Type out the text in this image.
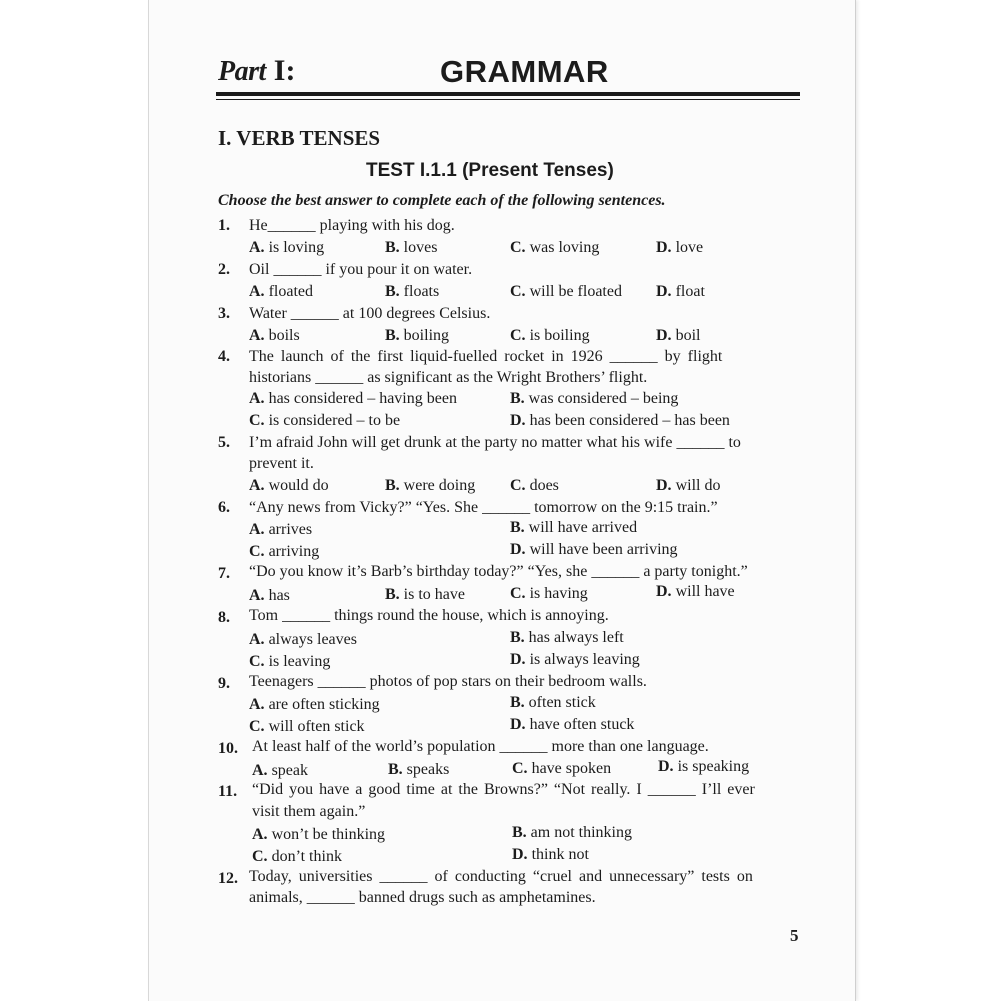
Part I:	GRAMMAR
I. VERB TENSES
TEST I.1.1 (Present Tenses)
Choose the best answer to complete each of the following sentences.
1. He______ playing with his dog.
A. is loving	B. loves	C. was loving	D. love
2. Oil ______ if you pour it on water.
A. floated	B. floats	C. will be floated D. float
3. Water ______ at 100 degrees Celsius.
A. boils	B. boiling	C. is boiling	D. boil
4. The launch of the first liquid-fuelled rocket in 1926 ______ by flight
historians ______ as significant as the Wright Brothers’ flight.
A. has considered – having been	B. was considered – being
C. is considered – to be	D. has been considered – has been
5. I’m afraid John will get drunk at the party no matter what his wife ______ to
prevent it.
A. would do	B. were doing C. does	D. will do
6. “Any news from Vicky?” “Yes. She ______ tomorrow on the 9:15 train.”
A. arrives	B. will have arrived
C. arriving	D. will have been arriving
7. “Do you know it’s Barb’s birthday today?” “Yes, she ______ a party tonight.”
A. has	B. is to have	C. is having	D. will have
8. Tom ______ things round the house, which is annoying.
A. always leaves	B. has always left
C. is leaving	D. is always leaving
9. Teenagers ______ photos of pop stars on their bedroom walls.
A. are often sticking	B. often stick
C. will often stick	D. have often stuck
10. At least half of the world’s population ______ more than one language.
A. speak	B. speaks	C. have spoken	D. is speaking
11. “Did you have a good time at the Browns?” “Not really. I ______ I’ll ever
visit them again.”
A. won’t be thinking	B. am not thinking
C. don’t think	D. think not
12. Today, universities ______ of conducting “cruel and unnecessary” tests on
animals, ______ banned drugs such as amphetamines.
5
